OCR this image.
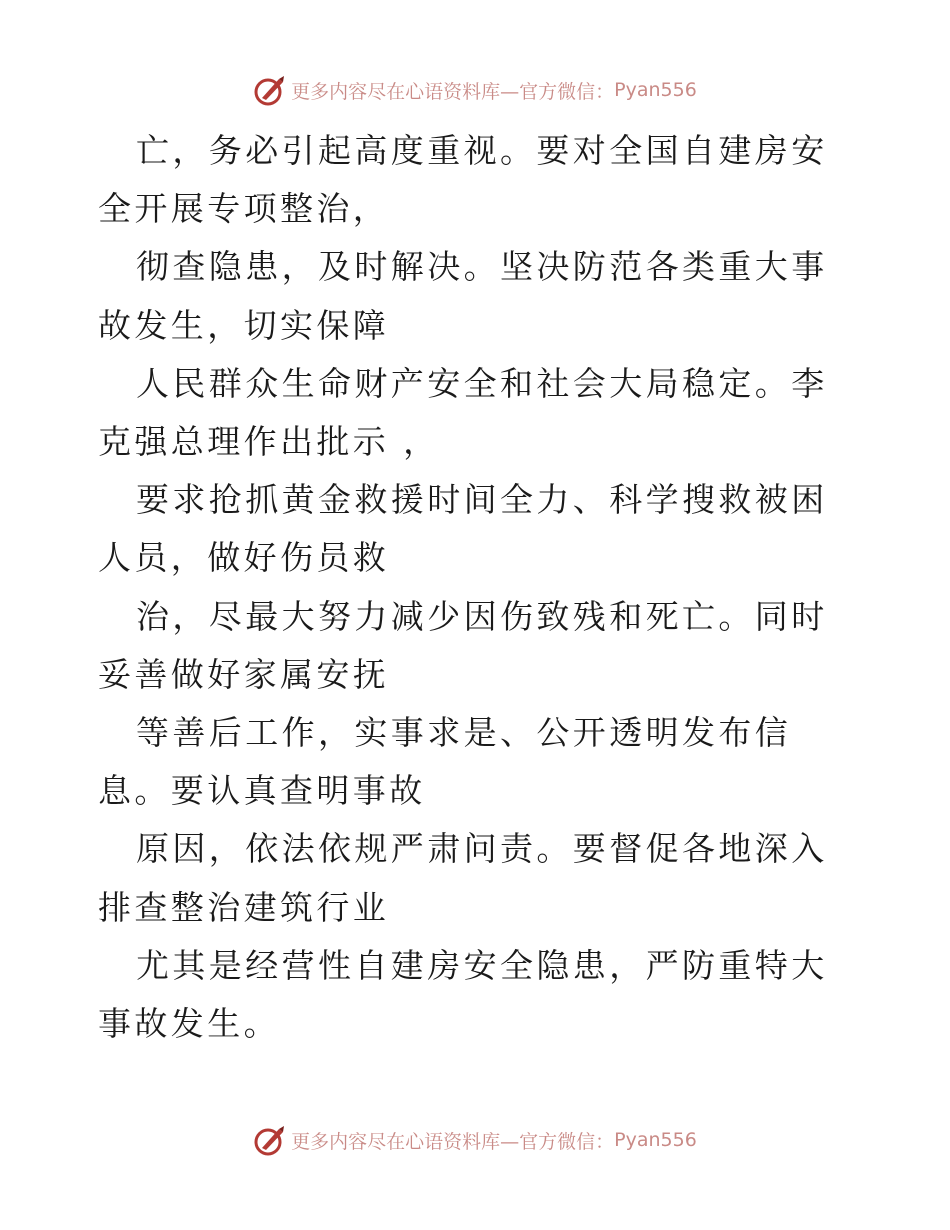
更多内容尽在心语资料库—官方微信： Pyan556

亡，务必引起高度重视。要对全国自建房安全开展专项整治，

彻查隐患，及时解决。坚决防范各类重大事故发生，切实保障

人民群众生命财产安全和社会大局稳定。李克强总理作出批示 ，

要求抢抓黄金救援时间全力、科学搜救被困人员，做好伤员救

治，尽最大努力减少因伤致残和死亡。同时妥善做好家属安抚

等善后工作，实事求是、公开透明发布信息。要认真查明事故

原因，依法依规严肃问责。要督促各地深入排查整治建筑行业

尤其是经营性自建房安全隐患，严防重特大事故发生。

更多内容尽在心语资料库—官方微信： Pyan556
